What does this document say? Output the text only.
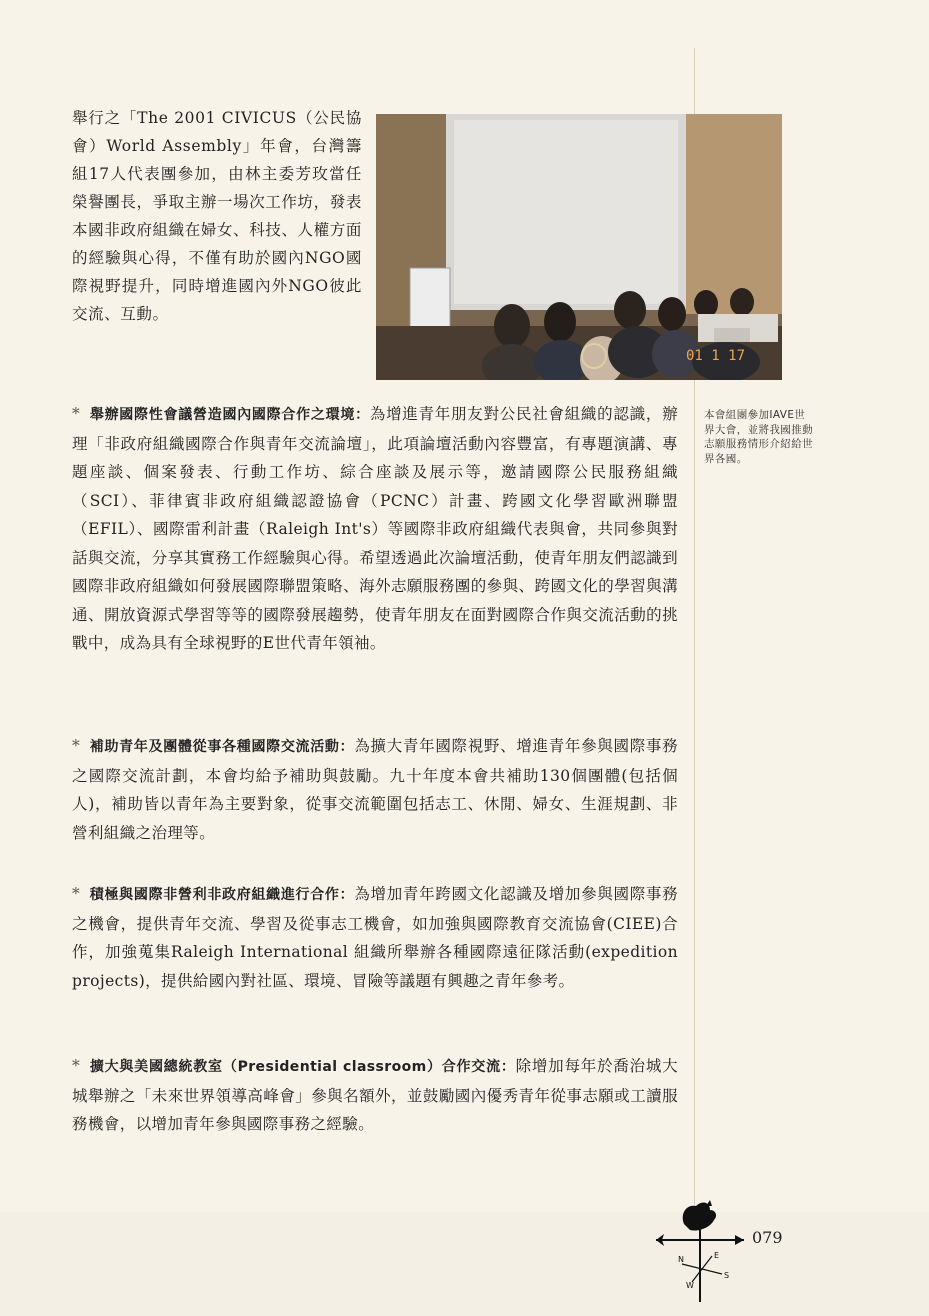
舉行之「The 2001 CIVICUS（公民協會）World Assembly」年會，台灣籌組17人代表團參加，由林主委芳玫當任榮譽團長，爭取主辦一場次工作坊，發表本國非政府組織在婦女、科技、人權方面的經驗與心得，不僅有助於國內NGO國際視野提升，同時增進國內外NGO彼此交流、互動。

01 1 17

本會組團參加IAVE世界大會，並將我國推動志願服務情形介紹給世界各國。

* 舉辦國際性會議營造國內國際合作之環境：為增進青年朋友對公民社會組織的認識，辦理「非政府組織國際合作與青年交流論壇」，此項論壇活動內容豐富，有專題演講、專題座談、個案發表、行動工作坊、綜合座談及展示等，邀請國際公民服務組織（SCI）、菲律賓非政府組織認證協會（PCNC）計畫、跨國文化學習歐洲聯盟（EFIL）、國際雷利計畫（Raleigh Int's）等國際非政府組織代表與會，共同參與對話與交流，分享其實務工作經驗與心得。希望透過此次論壇活動，使青年朋友們認識到國際非政府組織如何發展國際聯盟策略、海外志願服務團的參與、跨國文化的學習與溝通、開放資源式學習等等的國際發展趨勢，使青年朋友在面對國際合作與交流活動的挑戰中，成為具有全球視野的E世代青年領袖。

* 補助青年及團體從事各種國際交流活動：為擴大青年國際視野、增進青年參與國際事務之國際交流計劃，本會均給予補助與鼓勵。九十年度本會共補助130個團體(包括個人)，補助皆以青年為主要對象，從事交流範圍包括志工、休閒、婦女、生涯規劃、非營利組織之治理等。

* 積極與國際非營利非政府組織進行合作：為增加青年跨國文化認識及增加參與國際事務之機會，提供青年交流、學習及從事志工機會，如加強與國際教育交流協會(CIEE)合作，加強蒐集Raleigh International 組織所舉辦各種國際遠征隊活動(expedition projects)，提供給國內對社區、環境、冒險等議題有興趣之青年參考。

* 擴大與美國總統教室（Presidential classroom）合作交流：除增加每年於喬治城大城舉辦之「未來世界領導高峰會」參與名額外，並鼓勵國內優秀青年從事志願或工讀服務機會，以增加青年參與國際事務之經驗。

N
S
E
W

079
